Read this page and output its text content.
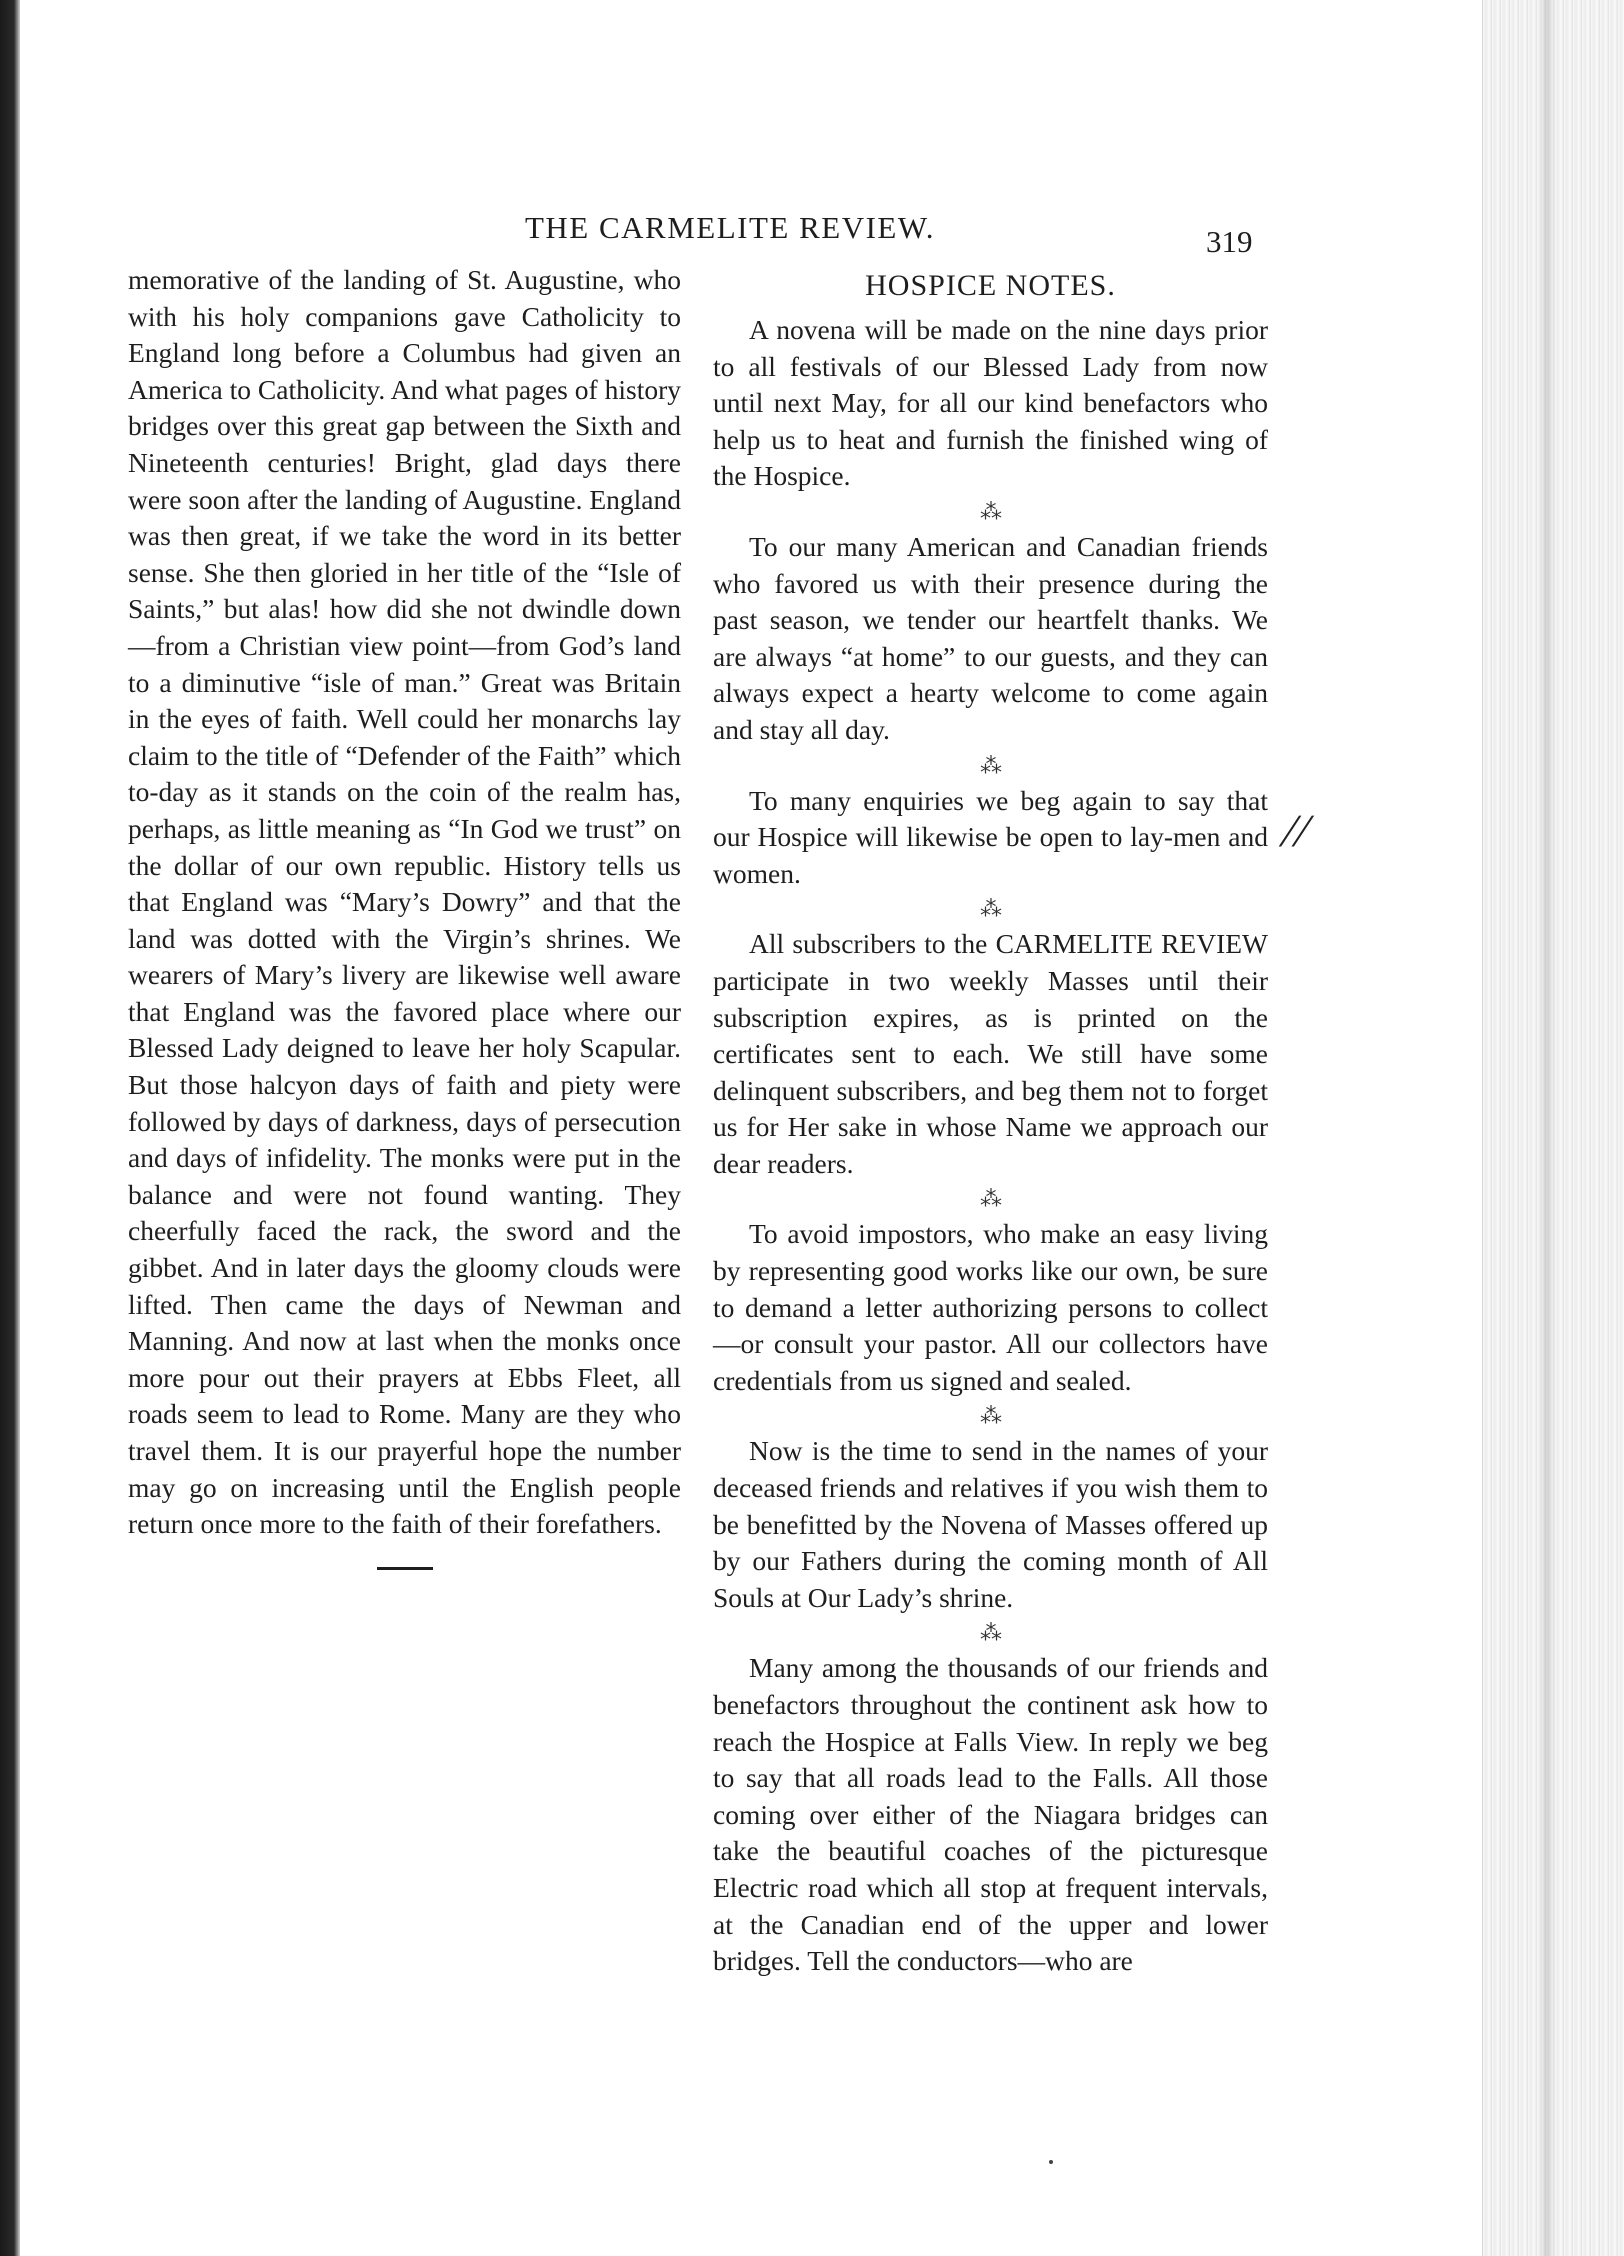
THE CARMELITE REVIEW.	319

memorative of the landing of St. Augustine, who with his holy companions gave Catholicity to England long before a Columbus had given an America to Catholicity. And what pages of history bridges over this great gap between the Sixth and Nineteenth centuries! Bright, glad days there were soon after the landing of Augustine. England was then great, if we take the word in its better sense. She then gloried in her title of the “Isle of Saints,” but alas! how did she not dwindle down—from a Christian view point—from God’s land to a diminutive “isle of man.” Great was Britain in the eyes of faith. Well could her monarchs lay claim to the title of “Defender of the Faith” which to-day as it stands on the coin of the realm has, perhaps, as little meaning as “In God we trust” on the dollar of our own republic. History tells us that England was “Mary’s Dowry” and that the land was dotted with the Virgin’s shrines. We wearers of Mary’s livery are likewise well aware that England was the favored place where our Blessed Lady deigned to leave her holy Scapular. But those halcyon days of faith and piety were followed by days of darkness, days of persecution and days of infidelity. The monks were put in the balance and were not found wanting. They cheerfully faced the rack, the sword and the gibbet. And in later days the gloomy clouds were lifted. Then came the days of Newman and Manning. And now at last when the monks once more pour out their prayers at Ebbs Fleet, all roads seem to lead to Rome. Many are they who travel them. It is our prayerful hope the number may go on increasing until the English people return once more to the faith of their forefathers.

HOSPICE NOTES.

A novena will be made on the nine days prior to all festivals of our Blessed Lady from now until next May, for all our kind benefactors who help us to heat and furnish the finished wing of the Hospice.

⁂

To our many American and Canadian friends who favored us with their presence during the past season, we tender our heartfelt thanks. We are always “at home” to our guests, and they can always expect a hearty welcome to come again and stay all day.

⁂

To many enquiries we beg again to say that our Hospice will likewise be open to lay-men and women.

⁂

All subscribers to the CARMELITE REVIEW participate in two weekly Masses until their subscription expires, as is printed on the certificates sent to each. We still have some delinquent subscribers, and beg them not to forget us for Her sake in whose Name we approach our dear readers.

⁂

To avoid impostors, who make an easy living by representing good works like our own, be sure to demand a letter authorizing persons to collect—or consult your pastor. All our collectors have credentials from us signed and sealed.

⁂

Now is the time to send in the names of your deceased friends and relatives if you wish them to be benefitted by the Novena of Masses offered up by our Fathers during the coming month of All Souls at Our Lady’s shrine.

⁂

Many among the thousands of our friends and benefactors throughout the continent ask how to reach the Hospice at Falls View. In reply we beg to say that all roads lead to the Falls. All those coming over either of the Niagara bridges can take the beautiful coaches of the picturesque Electric road which all stop at frequent intervals, at the Canadian end of the upper and lower bridges. Tell the conductors—who are

//
